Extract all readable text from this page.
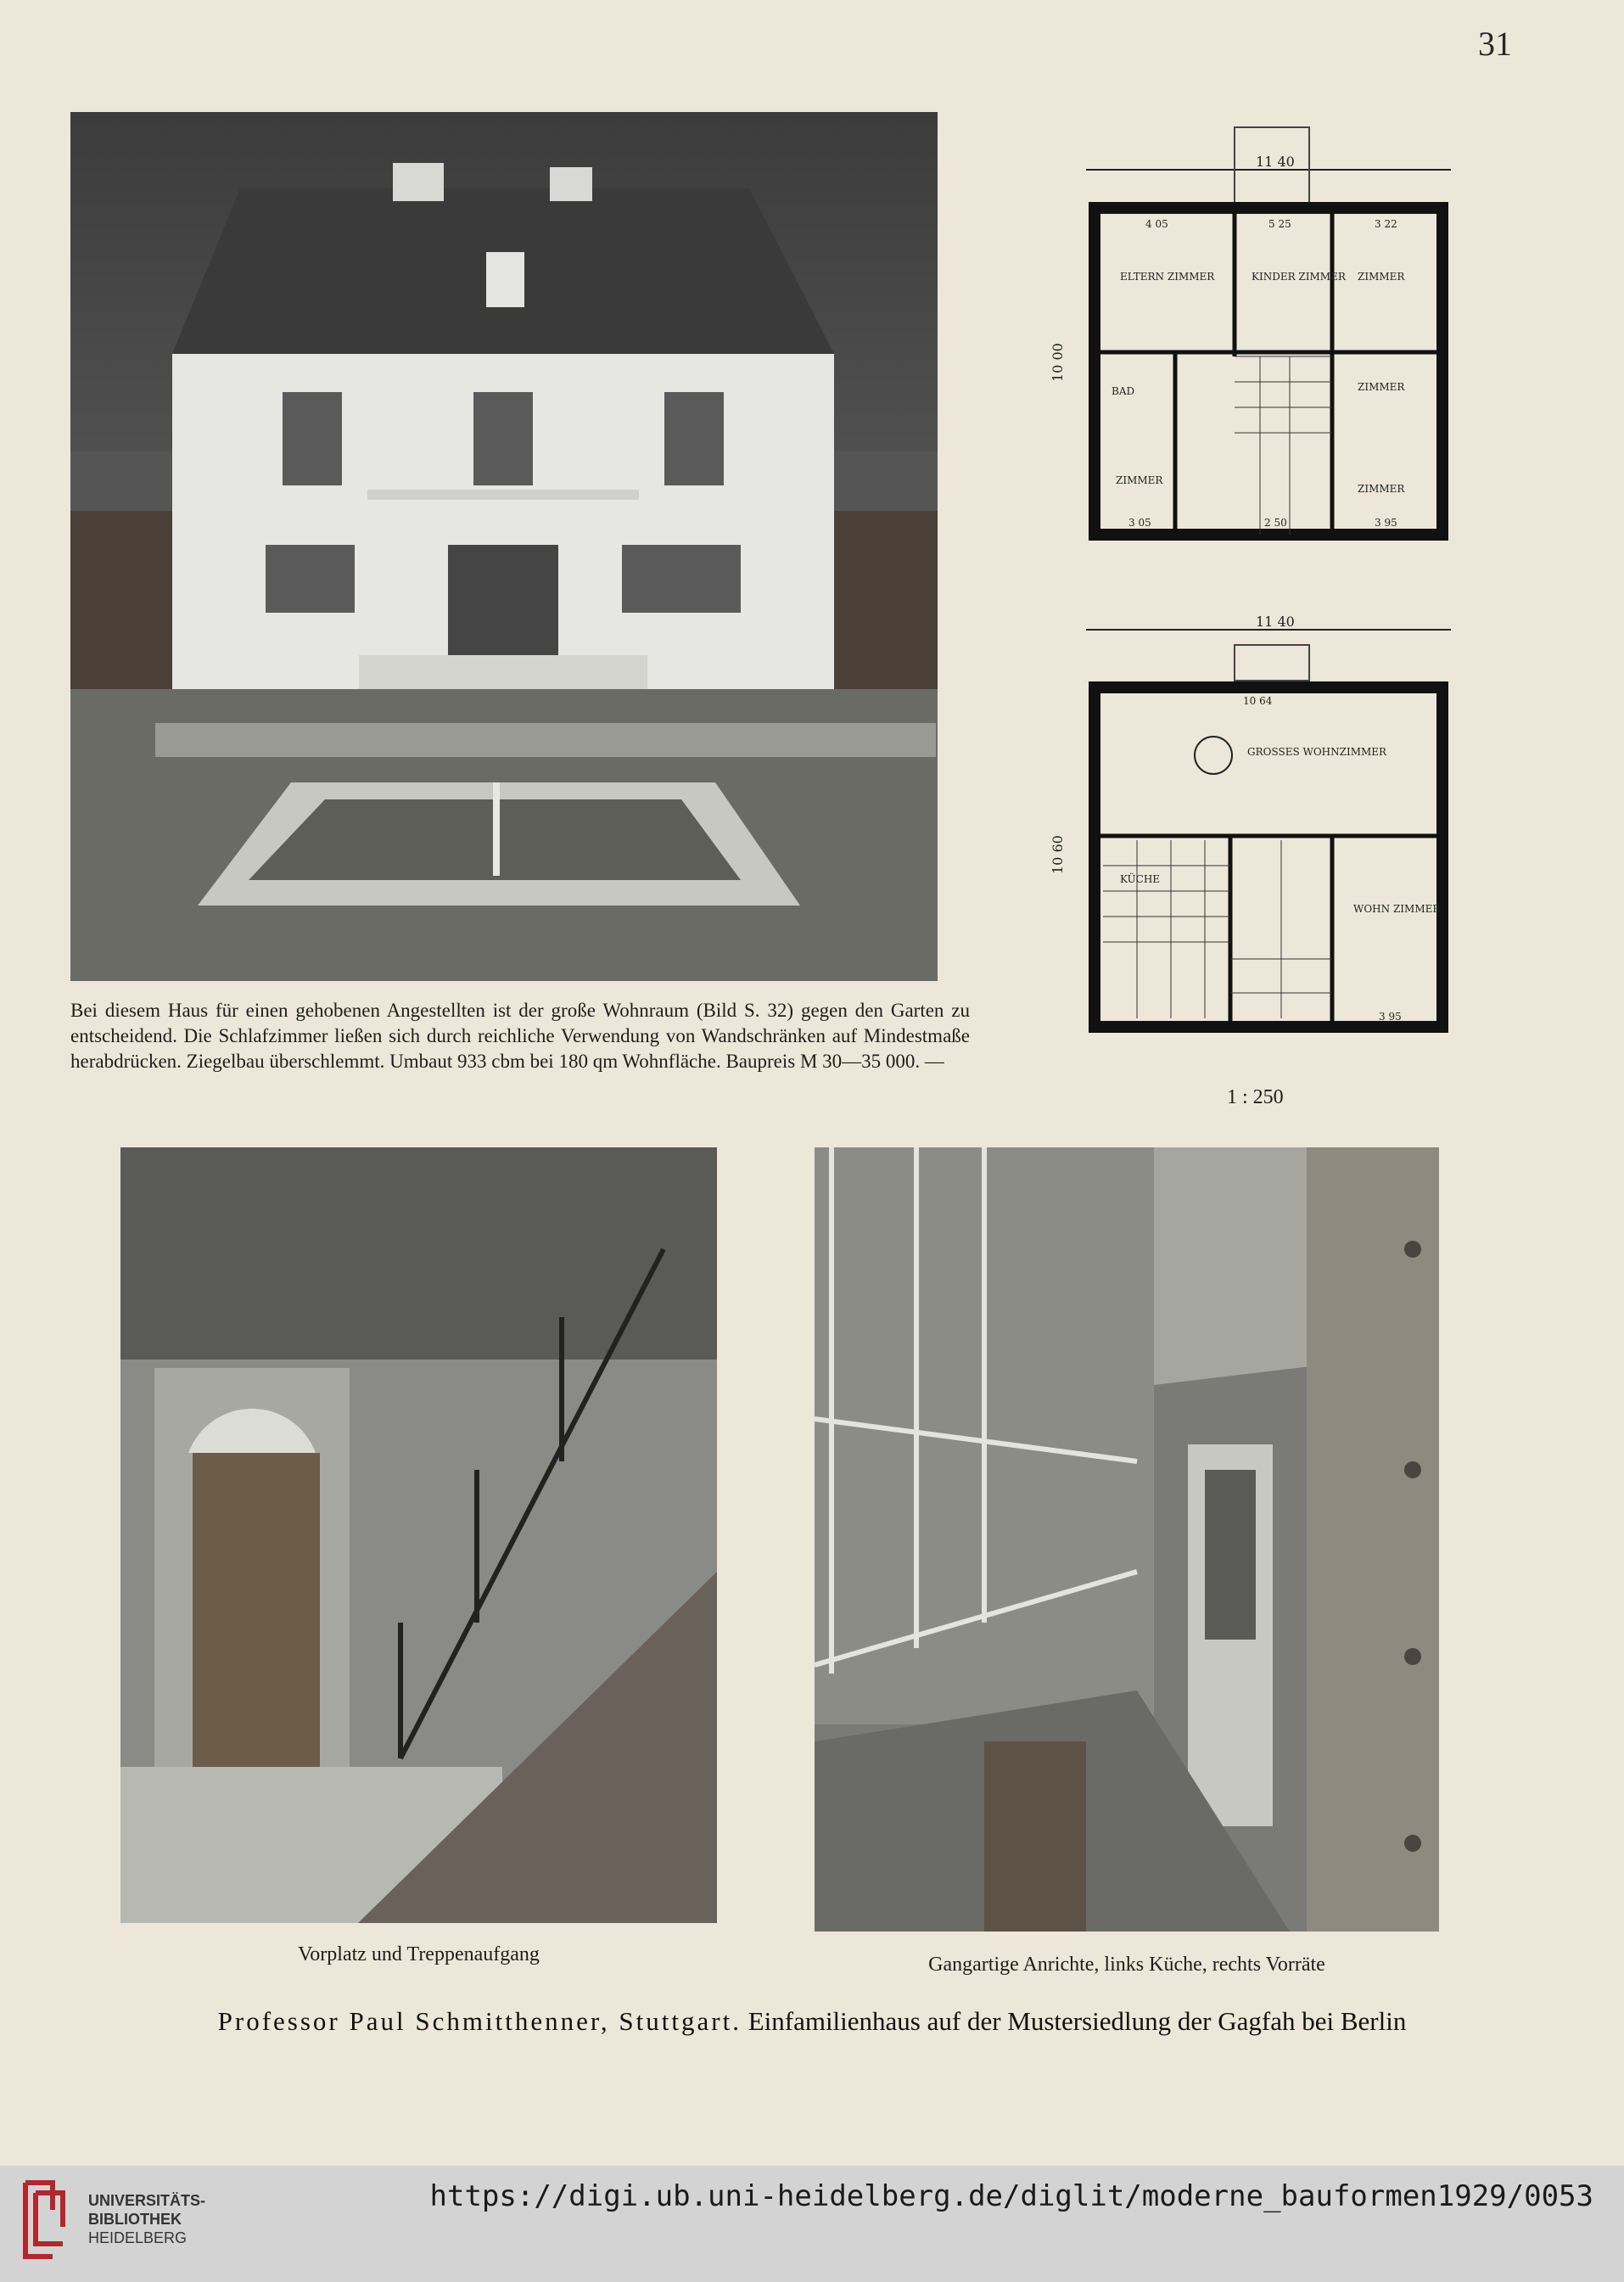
31
Bei diesem Haus für einen gehobenen Angestellten ist der große Wohnraum (Bild S. 32) gegen den Garten zu entscheidend. Die Schlafzimmer ließen sich durch reichliche Verwendung von Wandschränken auf Mindestmaße herabdrücken. Ziegelbau überschlemmt. Umbaut 933 cbm bei 180 qm Wohnfläche. Baupreis M 30—35 000. —
11 40
10 00
ELTERN ZIMMER	KINDER ZIMMER ZIMMER
BAD	ZIMMER
ZIMMER
ZIMMER
4 05	5 25	3 22
3 05	2 50	3 95
11 40
10 60
10 64
GROSSES WOHNZIMMER
KÜCHE
WOHN ZIMMER
3 95
1 : 250
Vorplatz und Treppenaufgang	Gangartige Anrichte, links Küche, rechts Vorräte
Professor Paul Schmitthenner, Stuttgart. Einfamilienhaus auf der Mustersiedlung der Gagfah bei Berlin
UNIVERSITÄTS-
BIBLIOTHEK
HEIDELBERG
https://digi.ub.uni-heidelberg.de/diglit/moderne_bauformen1929/0053
